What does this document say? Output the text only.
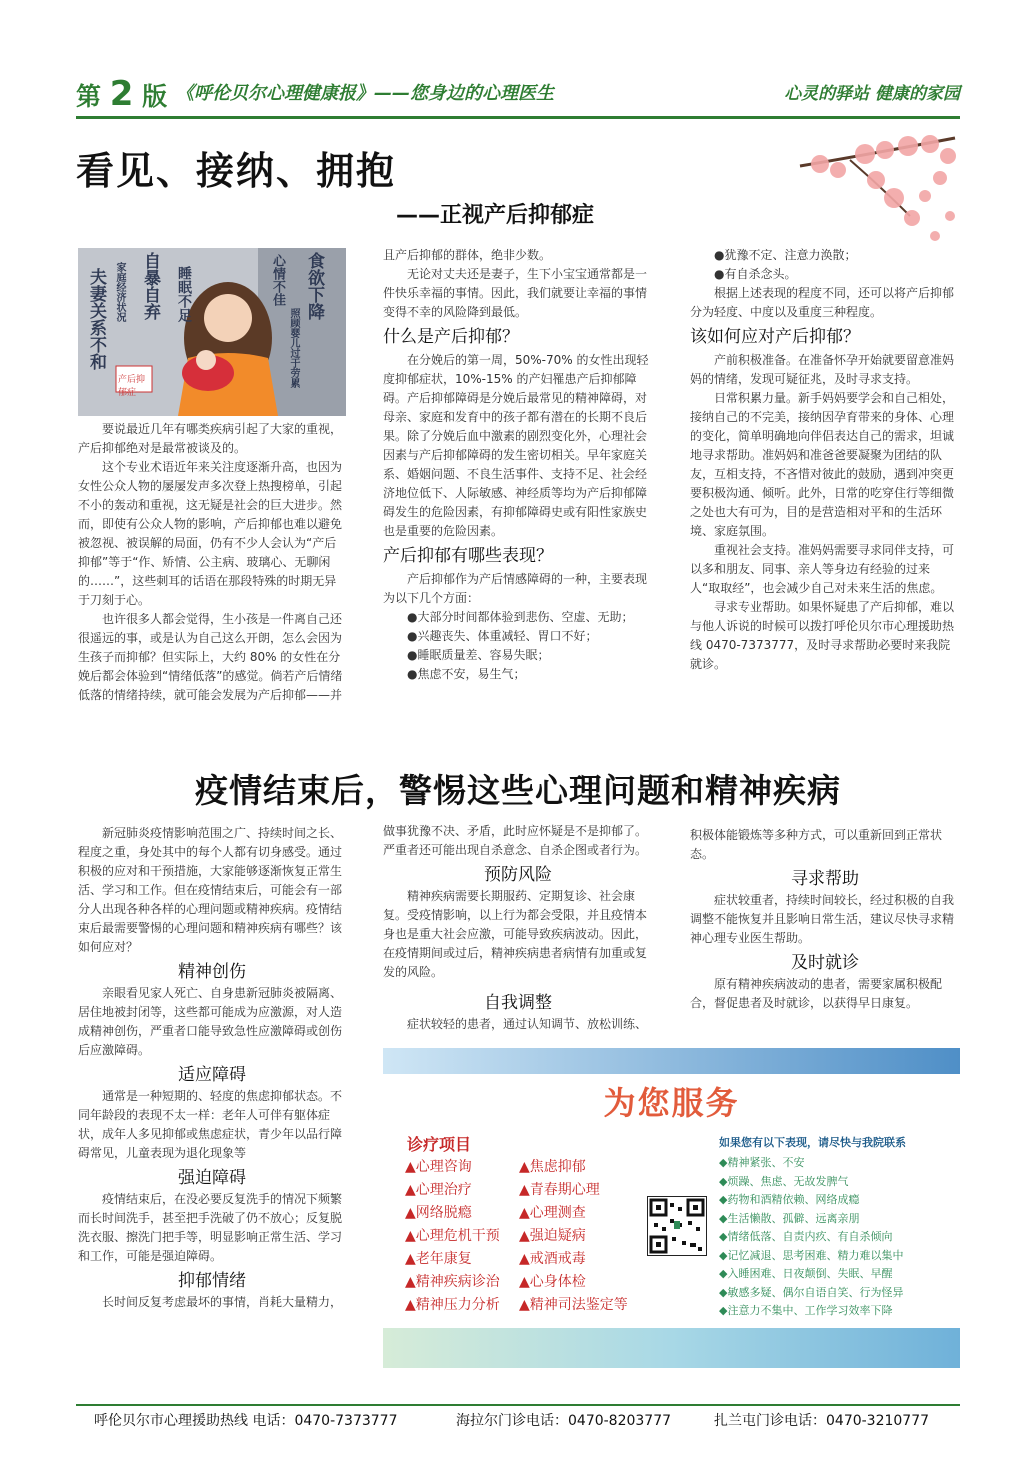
第 2 版 《呼伦贝尔心理健康报》——您身边的心理医生	心灵的驿站 健康的家园
看见、接纳、拥抱
——正视产后抑郁症
夫妻关系不和 家庭经济状况 自暴自弃 睡眠不足	心情不佳 食欲下降
照顾婴儿过于劳累
产后抑郁症

要说最近几年有哪类疾病引起了大家的重视，产后抑郁绝对是最常被谈及的。

这个专业术语近年来关注度逐渐升高，也因为女性公众人物的屡屡发声多次登上热搜榜单，引起不小的轰动和重视，这无疑是社会的巨大进步。然而，即使有公众人物的影响，产后抑郁也难以避免被忽视、被误解的局面，仍有不少人会认为“产后抑郁”等于“作、矫情、公主病、玻璃心、无聊闲的……”，这些刺耳的话语在那段特殊的时期无异于刀刻于心。

也许很多人都会觉得，生小孩是一件离自己还很遥远的事，或是认为自己这么开朗，怎么会因为生孩子而抑郁？但实际上，大约 80% 的女性在分娩后都会体验到“情绪低落”的感觉。倘若产后情绪低落的情绪持续，就可能会发展为产后抑郁——并

且产后抑郁的群体，绝非少数。

无论对丈夫还是妻子，生下小宝宝通常都是一件快乐幸福的事情。因此，我们就要让幸福的事情变得不幸的风险降到最低。

什么是产后抑郁？

在分娩后的第一周，50%-70% 的女性出现轻度抑郁症状，10%-15% 的产妇罹患产后抑郁障碍。产后抑郁障碍是分娩后最常见的精神障碍，对母亲、家庭和发育中的孩子都有潜在的长期不良后果。除了分娩后血中激素的剧烈变化外，心理社会因素与产后抑郁障碍的发生密切相关。早年家庭关系、婚姻问题、不良生活事件、支持不足、社会经济地位低下、人际敏感、神经质等均为产后抑郁障碍发生的危险因素，有抑郁障碍史或有阳性家族史也是重要的危险因素。

产后抑郁有哪些表现？

产后抑郁作为产后情感障碍的一种，主要表现为以下几个方面：

●大部分时间都体验到悲伤、空虚、无助；

●兴趣丧失、体重减轻、胃口不好；

●睡眠质量差、容易失眠；

●焦虑不安，易生气；

●犹豫不定、注意力涣散；

●有自杀念头。

根据上述表现的程度不同，还可以将产后抑郁分为轻度、中度以及重度三种程度。

该如何应对产后抑郁？

产前积极准备。在准备怀孕开始就要留意准妈妈的情绪，发现可疑征兆，及时寻求支持。

日常积累力量。新手妈妈要学会和自己相处，接纳自己的不完美，接纳因孕育带来的身体、心理的变化，简单明确地向伴侣表达自己的需求，坦诚地寻求帮助。准妈妈和准爸爸要凝聚为团结的队友，互相支持，不吝惜对彼此的鼓励，遇到冲突更要积极沟通、倾听。此外，日常的吃穿住行等细微之处也大有可为，目的是营造相对平和的生活环境、家庭氛围。

重视社会支持。准妈妈需要寻求同伴支持，可以多和朋友、同事、亲人等身边有经验的过来人“取取经”，也会减少自己对未来生活的焦虑。

寻求专业帮助。如果怀疑患了产后抑郁，难以与他人诉说的时候可以拨打呼伦贝尔市心理援助热线 0470-7373777，及时寻求帮助必要时来我院就诊。

疫情结束后，警惕这些心理问题和精神疾病

新冠肺炎疫情影响范围之广、持续时间之长、程度之重，身处其中的每个人都有切身感受。通过积极的应对和干预措施，大家能够逐渐恢复正常生活、学习和工作。但在疫情结束后，可能会有一部分人出现各种各样的心理问题或精神疾病。疫情结束后最需要警惕的心理问题和精神疾病有哪些？该如何应对？

精神创伤

亲眼看见家人死亡、自身患新冠肺炎被隔离、居住地被封闭等，这些都可能成为应激源，对人造成精神创伤，严重者口能导致急性应激障碍或创伤后应激障碍。

适应障碍

通常是一种短期的、轻度的焦虑抑郁状态。不同年龄段的表现不太一样：老年人可伴有躯体症状，成年人多见抑郁或焦虑症状，青少年以品行障碍常见，儿童表现为退化现象等

强迫障碍

疫情结束后，在没必要反复洗手的情况下频繁而长时间洗手，甚至把手洗破了仍不放心；反复脱洗衣服、擦洗门把手等，明显影响正常生活、学习和工作，可能是强迫障碍。

抑郁情绪

长时间反复考虑最坏的事情，肖耗大量精力，

做事犹豫不决、矛盾，此时应怀疑是不是抑郁了。严重者还可能出现自杀意念、自杀企图或者行为。

预防风险

精神疾病需要长期服药、定期复诊、社会康复。受疫情影响，以上行为都会受限，并且疫情本身也是重大社会应激，可能导致疾病波动。因此，在疫情期间或过后，精神疾病患者病情有加重或复发的风险。

自我调整

症状较轻的患者，通过认知调节、放松训练、

积极体能锻炼等多种方式，可以重新回到正常状态。

寻求帮助

症状较重者，持续时间较长，经过积极的自我调整不能恢复并且影响日常生活，建议尽快寻求精神心理专业医生帮助。

及时就诊

原有精神疾病波动的患者，需要家属积极配合，督促患者及时就诊，以获得早日康复。

为您服务
诊疗项目
▲心理咨询
▲心理治疗
▲网络脱瘾
▲心理危机干预
▲老年康复
▲精神疾病诊治
▲精神压力分析
▲焦虑抑郁
▲青春期心理
▲心理测查
▲强迫疑病
▲戒酒戒毒
▲心身体检
▲精神司法鉴定等
如果您有以下表现，请尽快与我院联系
◆精神紧张、不安
◆烦躁、焦虑、无故发脾气
◆药物和酒精依赖、网络成瘾
◆生活懒散、孤僻、远离亲朋
◆情绪低落、自责内疚、有自杀倾向
◆记忆减退、思考困难、精力难以集中
◆入睡困难、日夜颠倒、失眠、早醒
◆敏感多疑、偶尔自语自笑、行为怪异
◆注意力不集中、工作学习效率下降
呼伦贝尔市心理援助热线 电话：0470-7373777	海拉尔门诊电话：0470-8203777	扎兰屯门诊电话：0470-3210777
